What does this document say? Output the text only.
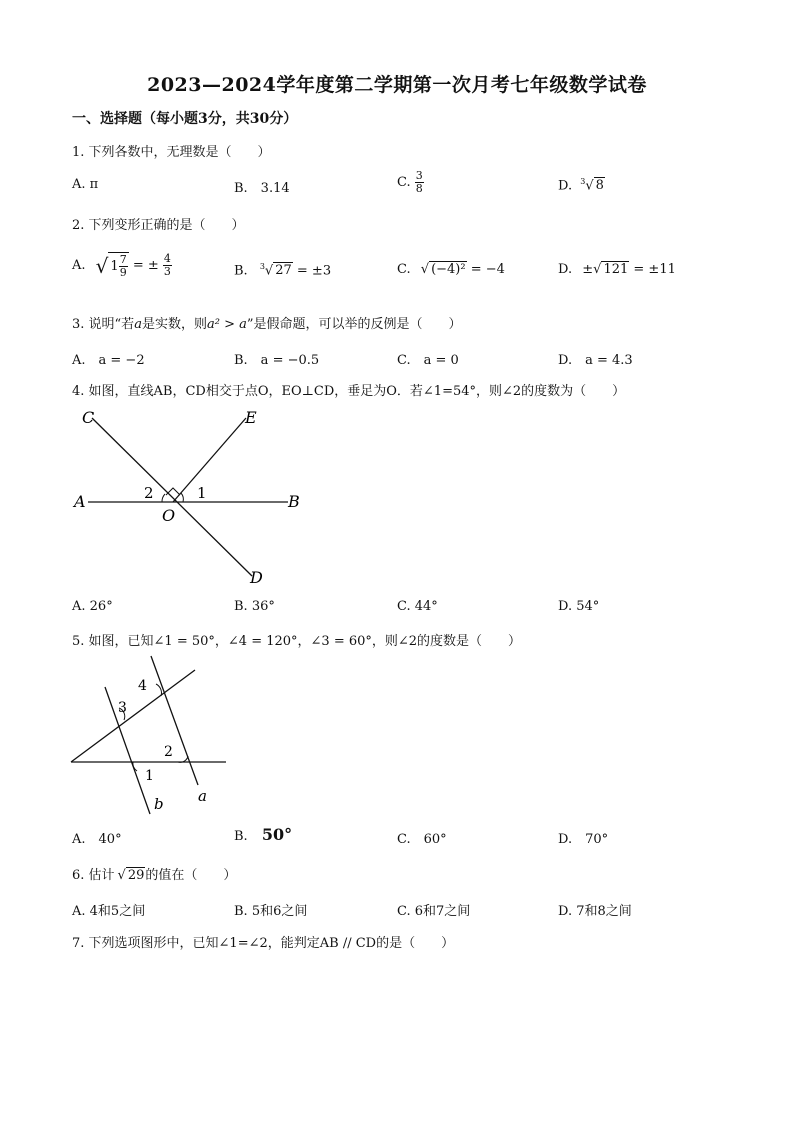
2023—2024学年度第二学期第一次月考七年级数学试卷
一、选择题（每小题3分，共30分）
1. 下列各数中，无理数是（　　）
A. π	B.　3.14	C. $\frac{3}{8}$	D. $^3$√ 8
2. 下列变形正确的是（　　）
A. √ $1 \frac{7}{9}$ = ± $\frac{4}{3}$	B. $^3$√ 27 = ±3	C. √ (−4)² = −4	D. ±√ 121 = ±11
3. 说明“若a是实数，则a² > a”是假命题，可以举的反例是（　　）
A.　a = −2	B.　a = −0.5	C.　a = 0	D.　a = 4.3
4. 如图，直线AB，CD相交于点O，EO⊥CD，垂足为O．若∠1=54°，则∠2的度数为（　　）
C	E
A	B
O
D
1
2
A. 26°	B. 36°	C. 44°	D. 54°
5. 如图，已知∠1 = 50°，∠4 = 120°，∠3 = 60°，则∠2的度数是（　　）
1
2
3
4
a
b
A.　40°	B. 50°	C.　60°	D.　70°
6. 估计 √ 29的值在（　　）
A. 4和5之间	B. 5和6之间	C. 6和7之间	D. 7和8之间
7. 下列选项图形中，已知∠1=∠2，能判定AB // CD的是（　　）
